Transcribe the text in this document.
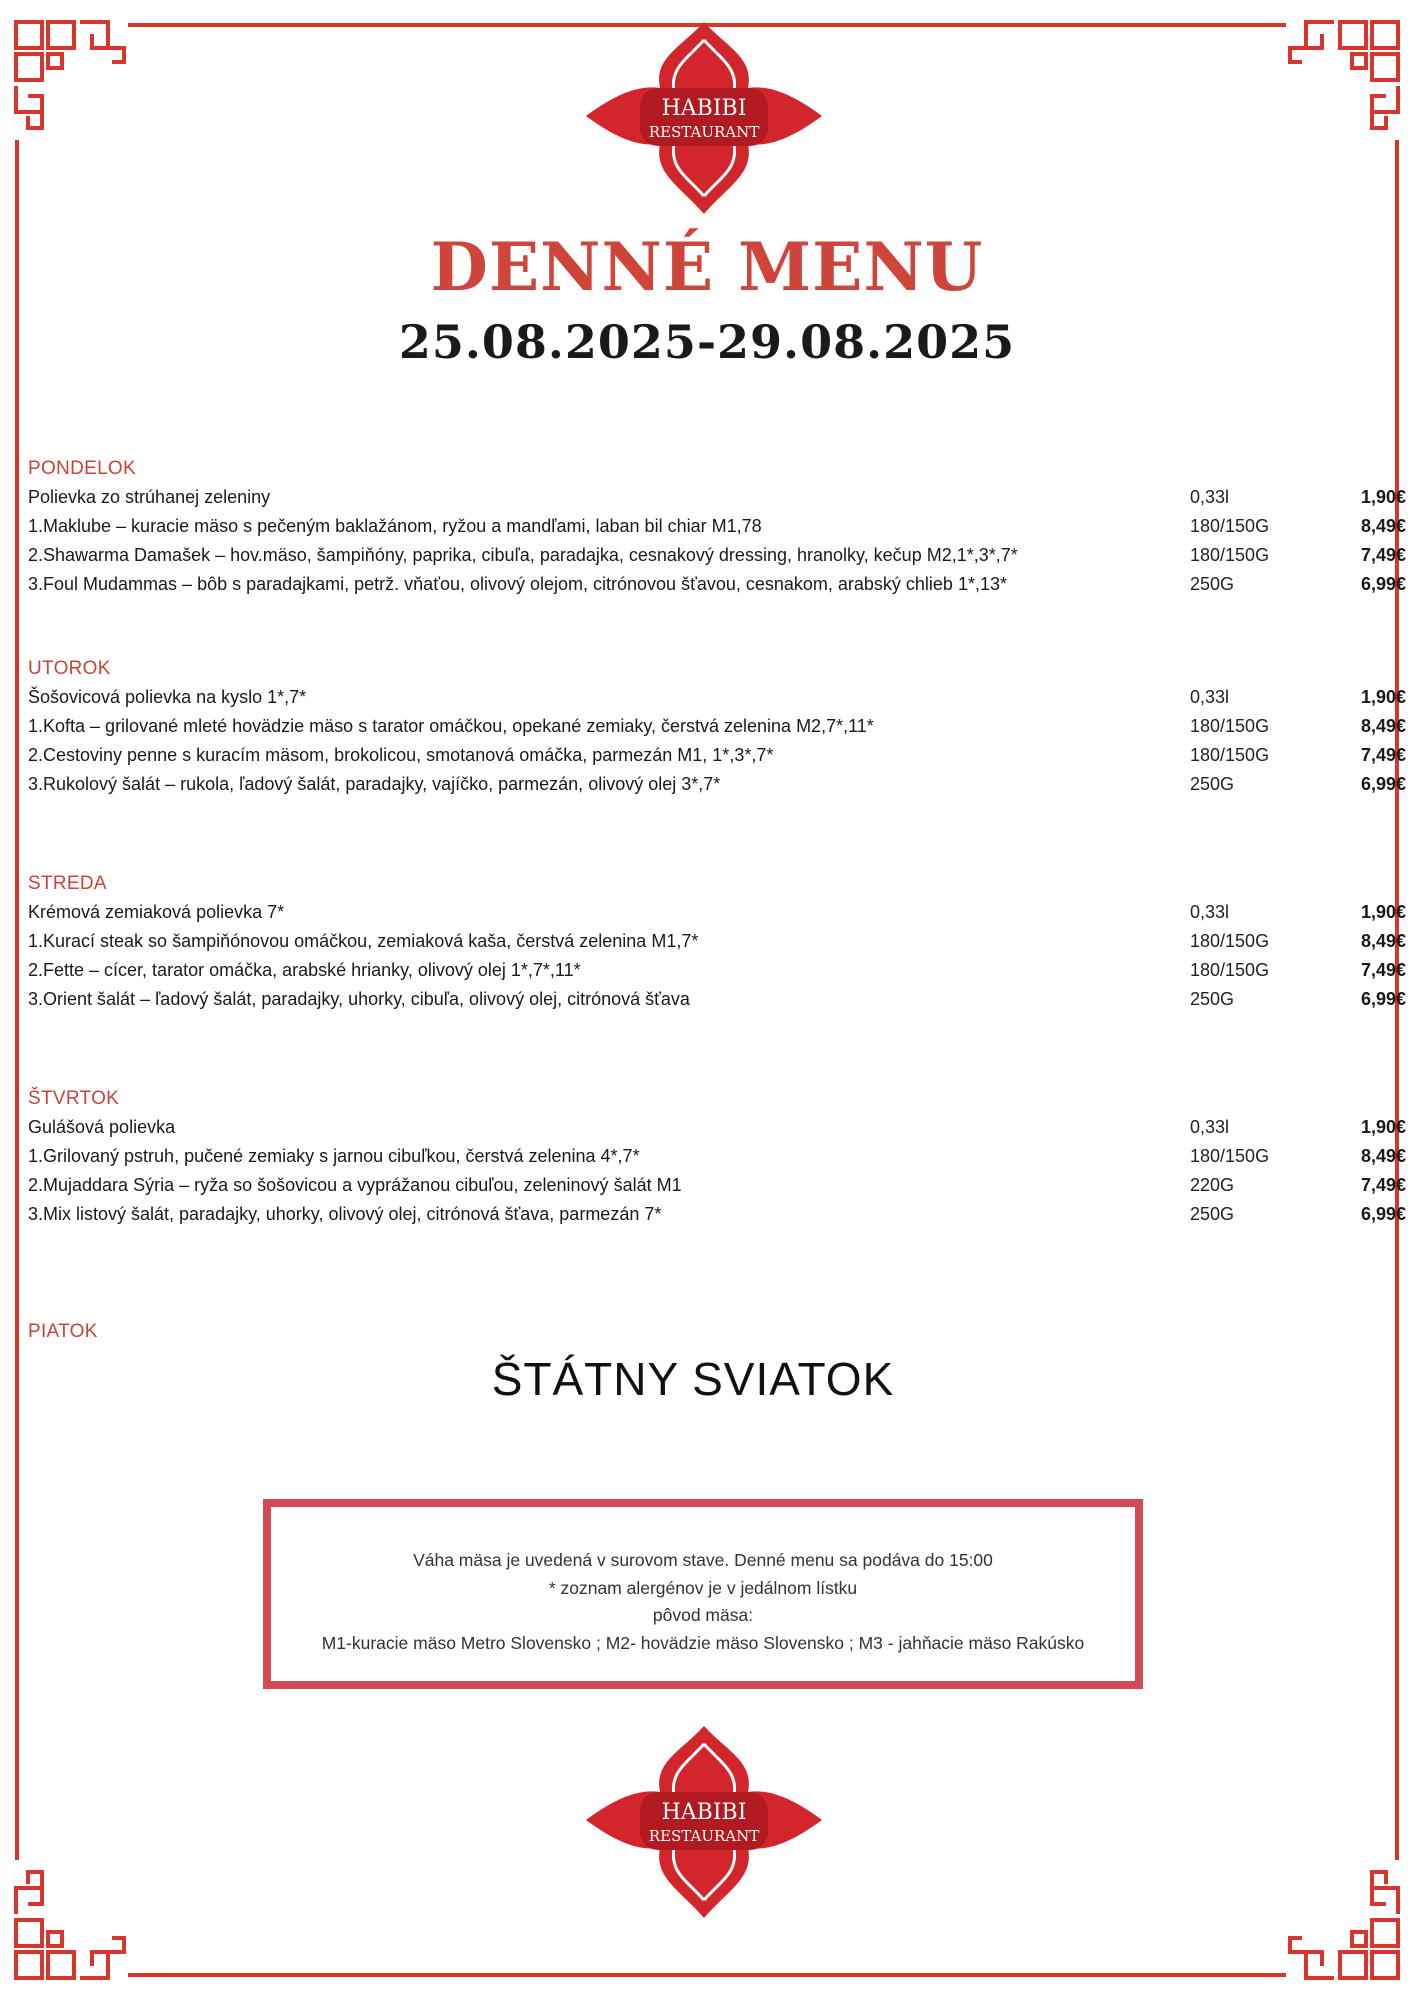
HABIBI
RESTAURANT
DENNÉ MENU
25.08.2025-29.08.2025
PONDELOK
Polievka zo strúhanej zeleniny	0,33l	1,90€
1.Maklube – kuracie mäso s pečeným baklažánom, ryžou a mandľami, laban bil chiar M1,78	180/150G	8,49€
2.Shawarma Damašek – hov.mäso, šampiňóny, paprika, cibuľa, paradajka, cesnakový dressing, hranolky, kečup M2,1*,3*,7*	180/150G	7,49€
3.Foul Mudammas – bôb s paradajkami, petrž. vňaťou, olivový olejom, citrónovou šťavou, cesnakom, arabský chlieb 1*,13*	250G	6,99€
UTOROK
Šošovicová polievka na kyslo 1*,7*	0,33l	1,90€
1.Kofta – grilované mleté hovädzie mäso s tarator omáčkou, opekané zemiaky, čerstvá zelenina M2,7*,11*	180/150G	8,49€
2.Cestoviny penne s kuracím mäsom, brokolicou, smotanová omáčka, parmezán M1, 1*,3*,7*	180/150G	7,49€
3.Rukolový šalát – rukola, ľadový šalát, paradajky, vajíčko, parmezán, olivový olej 3*,7*	250G	6,99€
STREDA
Krémová zemiaková polievka 7*	0,33l	1,90€
1.Kurací steak so šampiňónovou omáčkou, zemiaková kaša, čerstvá zelenina M1,7*	180/150G	8,49€
2.Fette – cícer, tarator omáčka, arabské hrianky, olivový olej 1*,7*,11*	180/150G	7,49€
3.Orient šalát – ľadový šalát, paradajky, uhorky, cibuľa, olivový olej, citrónová šťava	250G	6,99€
ŠTVRTOK
Gulášová polievka	0,33l	1,90€
1.Grilovaný pstruh, pučené zemiaky s jarnou cibuľkou, čerstvá zelenina 4*,7*	180/150G	8,49€
2.Mujaddara Sýria – ryža so šošovicou a vyprážanou cibuľou, zeleninový šalát M1	220G	7,49€
3.Mix listový šalát, paradajky, uhorky, olivový olej, citrónová šťava, parmezán 7*	250G	6,99€
PIATOK
ŠTÁTNY SVIATOK
Váha mäsa je uvedená v surovom stave. Denné menu sa podáva do 15:00
* zoznam alergénov je v jedálnom lístku
pôvod mäsa:
M1-kuracie mäso Metro Slovensko ; M2- hovädzie mäso Slovensko ; M3 - jahňacie mäso Rakúsko
HABIBI
RESTAURANT
